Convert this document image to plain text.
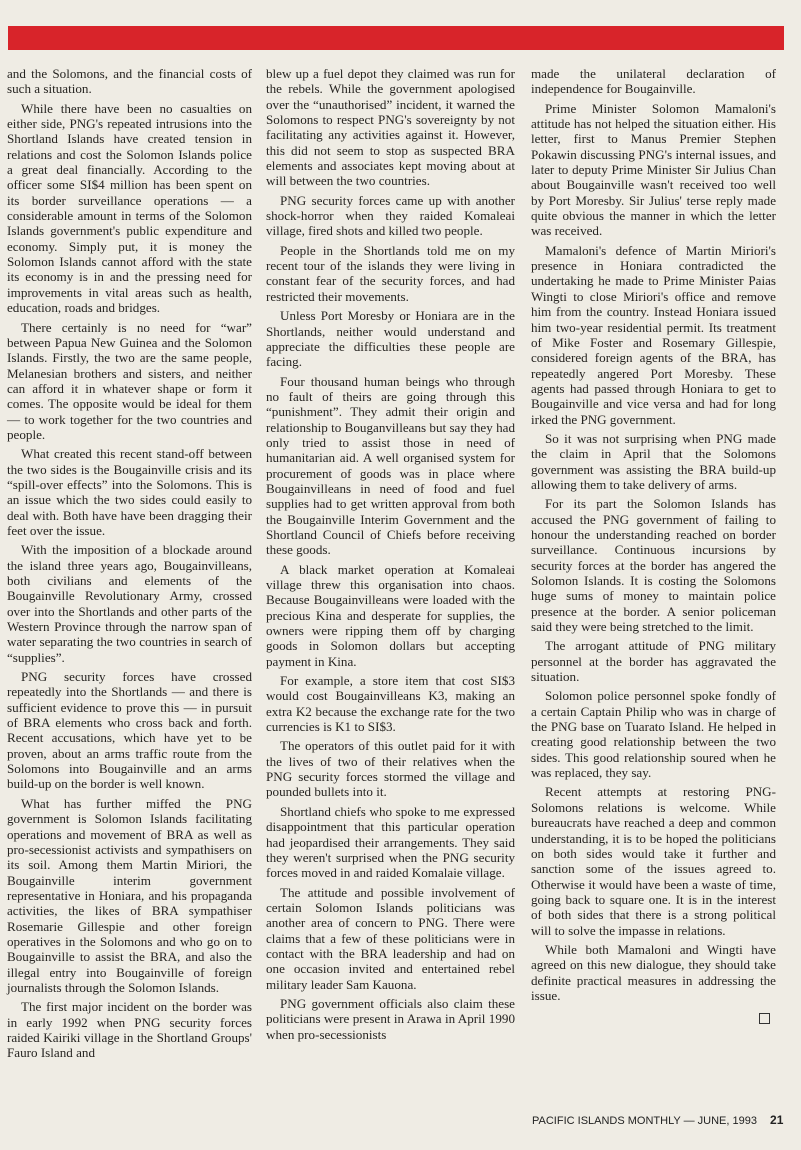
and the Solomons, and the financial costs of such a situation.

While there have been no casualties on either side, PNG's repeated intrusions into the Shortland Islands have created tension in relations and cost the Solomon Islands police a great deal financially. According to the officer some SI$4 million has been spent on its border surveillance operations — a considerable amount in terms of the Solomon Islands government's public expenditure and economy. Simply put, it is money the Solomon Islands cannot afford with the state its economy is in and the pressing need for improvements in vital areas such as health, education, roads and bridges.

There certainly is no need for “war” between Papua New Guinea and the Solomon Islands. Firstly, the two are the same people, Melanesian brothers and sisters, and neither can afford it in whatever shape or form it comes. The opposite would be ideal for them — to work together for the two countries and people.

What created this recent stand-off between the two sides is the Bougainville crisis and its “spill-over effects” into the Solomons. This is an issue which the two sides could easily to deal with. Both have have been dragging their feet over the issue.

With the imposition of a blockade around the island three years ago, Bougainvilleans, both civilians and elements of the Bougainville Revolutionary Army, crossed over into the Shortlands and other parts of the Western Province through the narrow span of water separating the two countries in search of “supplies”.

PNG security forces have crossed repeatedly into the Shortlands — and there is sufficient evidence to prove this — in pursuit of BRA elements who cross back and forth. Recent accusations, which have yet to be proven, about an arms traffic route from the Solomons into Bougainville and an arms build-up on the border is well known.

What has further miffed the PNG government is Solomon Islands facilitating operations and movement of BRA as well as pro-secessionist activists and sympathisers on its soil. Among them Martin Miriori, the Bougainville interim government representative in Honiara, and his propaganda activities, the likes of BRA sympathiser Rosemarie Gillespie and other foreign operatives in the Solomons and who go on to Bougainville to assist the BRA, and also the illegal entry into Bougainville of foreign journalists through the Solomon Islands.

The first major incident on the border was in early 1992 when PNG security forces raided Kairiki village in the Shortland Groups' Fauro Island and

blew up a fuel depot they claimed was run for the rebels. While the government apologised over the “unauthorised” incident, it warned the Solomons to respect PNG's sovereignty by not facilitating any activities against it. However, this did not seem to stop as suspected BRA elements and associates kept moving about at will between the two countries.

PNG security forces came up with another shock-horror when they raided Komaleai village, fired shots and killed two people.

People in the Shortlands told me on my recent tour of the islands they were living in constant fear of the security forces, and had restricted their movements.

Unless Port Moresby or Honiara are in the Shortlands, neither would understand and appreciate the difficulties these people are facing.

Four thousand human beings who through no fault of theirs are going through this “punishment”. They admit their origin and relationship to Bouganvilleans but say they had only tried to assist those in need of humanitarian aid. A well organised system for procurement of goods was in place where Bougainvilleans in need of food and fuel supplies had to get written approval from both the Bougainville Interim Government and the Shortland Council of Chiefs before receiving these goods.

A black market operation at Komaleai village threw this organisation into chaos. Because Bougainvilleans were loaded with the precious Kina and desperate for supplies, the owners were ripping them off by charging goods in Solomon dollars but accepting payment in Kina.

For example, a store item that cost SI$3 would cost Bougainvilleans K3, making an extra K2 because the exchange rate for the two currencies is K1 to SI$3.

The operators of this outlet paid for it with the lives of two of their relatives when the PNG security forces stormed the village and pounded bullets into it.

Shortland chiefs who spoke to me expressed disappointment that this particular operation had jeopardised their arrangements. They said they weren't surprised when the PNG security forces moved in and raided Komalaie village.

The attitude and possible involvement of certain Solomon Islands politicians was another area of concern to PNG. There were claims that a few of these politicians were in contact with the BRA leadership and had on one occasion invited and entertained rebel military leader Sam Kauona.

PNG government officials also claim these politicians were present in Arawa in April 1990 when pro-secessionists

made the unilateral declaration of independence for Bougainville.

Prime Minister Solomon Mamaloni's attitude has not helped the situation either. His letter, first to Manus Premier Stephen Pokawin discussing PNG's internal issues, and later to deputy Prime Minister Sir Julius Chan about Bougainville wasn't received too well by Port Moresby. Sir Julius' terse reply made quite obvious the manner in which the letter was received.

Mamaloni's defence of Martin Miriori's presence in Honiara contradicted the undertaking he made to Prime Minister Paias Wingti to close Miriori's office and remove him from the country. Instead Honiara issued him two-year residential permit. Its treatment of Mike Foster and Rosemary Gillespie, considered foreign agents of the BRA, has repeatedly angered Port Moresby. These agents had passed through Honiara to get to Bougainville and vice versa and had for long irked the PNG government.

So it was not surprising when PNG made the claim in April that the Solomons government was assisting the BRA build-up allowing them to take delivery of arms.

For its part the Solomon Islands has accused the PNG government of failing to honour the understanding reached on border surveillance. Continuous incursions by security forces at the border has angered the Solomon Islands. It is costing the Solomons huge sums of money to maintain police presence at the border. A senior policeman said they were being stretched to the limit.

The arrogant attitude of PNG military personnel at the border has aggravated the situation.

Solomon police personnel spoke fondly of a certain Captain Philip who was in charge of the PNG base on Tuarato Island. He helped in creating good relationship between the two sides. This good relationship soured when he was replaced, they say.

Recent attempts at restoring PNG-Solomons relations is welcome. While bureaucrats have reached a deep and common understanding, it is to be hoped the politicians on both sides would take it further and sanction some of the issues agreed to. Otherwise it would have been a waste of time, going back to square one. It is in the interest of both sides that there is a strong political will to solve the impasse in relations.

While both Mamaloni and Wingti have agreed on this new dialogue, they should take definite practical measures in addressing the issue.

PACIFIC ISLANDS MONTHLY — JUNE, 1993 21
